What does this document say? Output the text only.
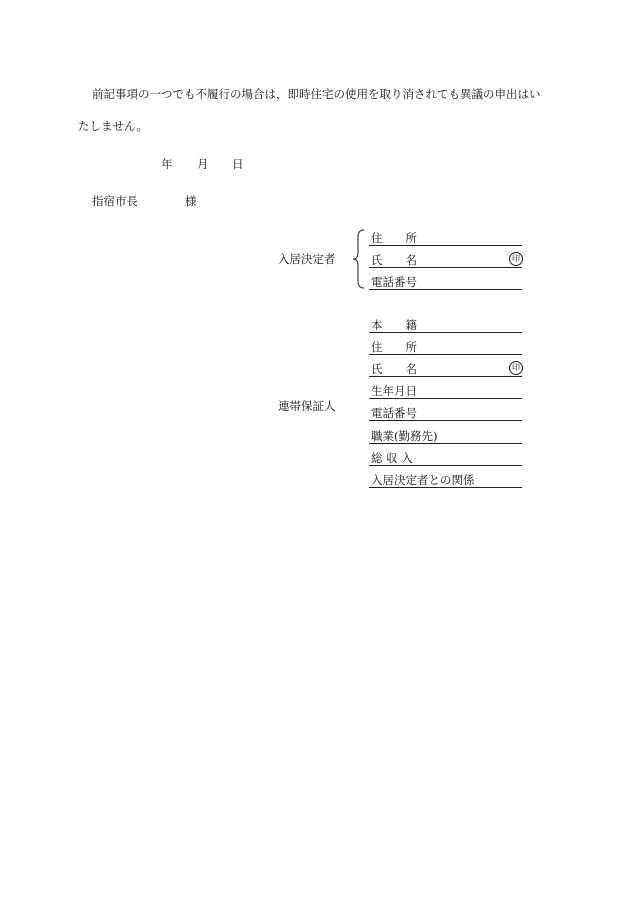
前記事項の一つでも不履行の場合は，即時住宅の使用を取り消されても異議の申出はい
たしません。
年 月 日
指宿市長	様
入居決定者
住　　所
氏　　名	印
電話番号
連帯保証人
本　　籍
住　　所
氏　　名	印
生年月日
電話番号
職業(勤務先)
総 収 入
入居決定者との関係
